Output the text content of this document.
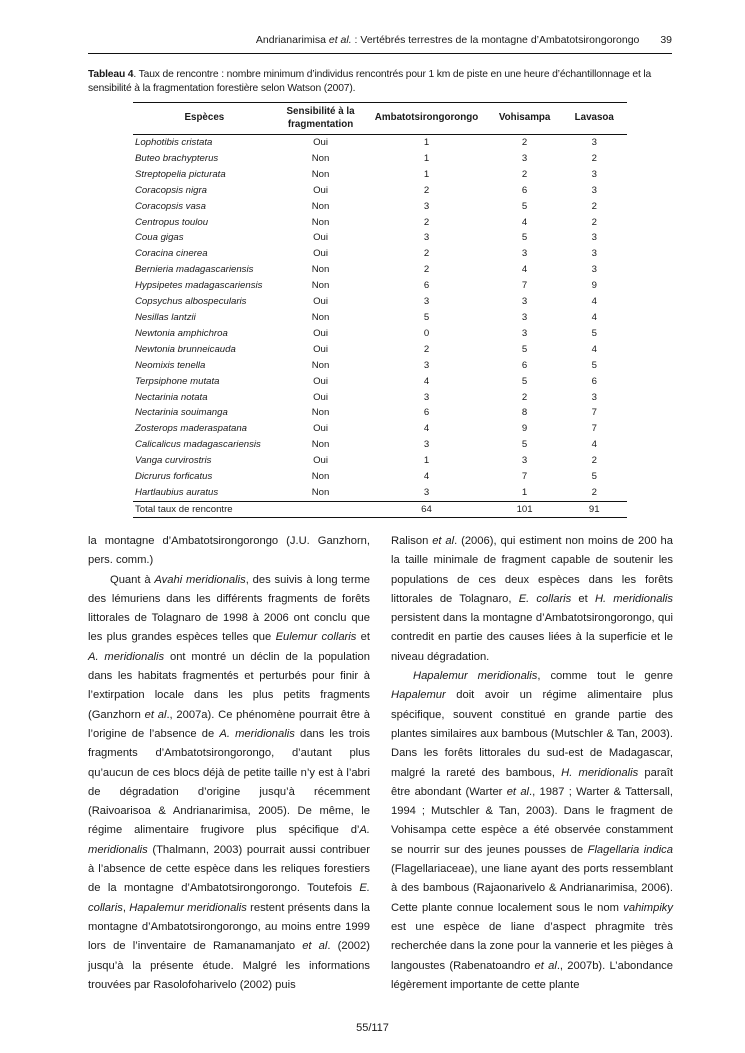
Andrianarimisa et al. : Vertébrés terrestres de la montagne d’Ambatotsirongorongo 39
Tableau 4. Taux de rencontre : nombre minimum d’individus rencontrés pour 1 km de piste en une heure d’échantillonnage et la sensibilité à la fragmentation forestière selon Watson (2007).
Espèces	Sensibilité à la fragmentation	Ambatotsirongorongo	Vohisampa	Lavasoa
Lophotibis cristata	Oui	1	2	3
Buteo brachypterus	Non	1	3	2
Streptopelia picturata	Non	1	2	3
Coracopsis nigra	Oui	2	6	3
Coracopsis vasa	Non	3	5	2
Centropus toulou	Non	2	4	2
Coua gigas	Oui	3	5	3
Coracina cinerea	Oui	2	3	3
Bernieria madagascariensis	Non	2	4	3
Hypsipetes madagascariensis	Non	6	7	9
Copsychus albospecularis	Oui	3	3	4
Nesillas lantzii	Non	5	3	4
Newtonia amphichroa	Oui	0	3	5
Newtonia brunneicauda	Oui	2	5	4
Neomixis tenella	Non	3	6	5
Terpsiphone mutata	Oui	4	5	6
Nectarinia notata	Oui	3	2	3
Nectarinia souimanga	Non	6	8	7
Zosterops maderaspatana	Oui	4	9	7
Calicalicus madagascariensis	Non	3	5	4
Vanga curvirostris	Oui	1	3	2
Dicrurus forficatus	Non	4	7	5
Hartlaubius auratus	Non	3	1	2
Total taux de rencontre		64	101	91

la montagne d’Ambatotsirongorongo (J.U. Ganzhorn, pers. comm.)

Quant à Avahi meridionalis, des suivis à long terme des lémuriens dans les différents fragments de forêts littorales de Tolagnaro de 1998 à 2006 ont conclu que les plus grandes espèces telles que Eulemur collaris et A. meridionalis ont montré un déclin de la population dans les habitats fragmentés et perturbés pour finir à l’extirpation locale dans les plus petits fragments (Ganzhorn et al., 2007a). Ce phénomène pourrait être à l’origine de l’absence de A. meridionalis dans les trois fragments d’Ambatotsirongorongo, d’autant plus qu’aucun de ces blocs déjà de petite taille n’y est à l’abri de dégradation d’origine jusqu’à récemment (Raivoarisoa & Andrianarimisa, 2005). De même, le régime alimentaire frugivore plus spécifique d’A. meridionalis (Thalmann, 2003) pourrait aussi contribuer à l’absence de cette espèce dans les reliques forestiers de la montagne d’Ambatotsirongorongo. Toutefois E. collaris, Hapalemur meridionalis restent présents dans la montagne d’Ambatotsirongorongo, au moins entre 1999 lors de l’inventaire de Ramanamanjato et al. (2002) jusqu’à la présente étude. Malgré les informations trouvées par Rasolofoharivelo (2002) puis

Ralison et al. (2006), qui estiment non moins de 200 ha la taille minimale de fragment capable de soutenir les populations de ces deux espèces dans les forêts littorales de Tolagnaro, E. collaris et H. meridionalis persistent dans la montagne d’Ambatotsirongorongo, qui contredit en partie des causes liées à la superficie et le niveau dégradation.

Hapalemur meridionalis, comme tout le genre Hapalemur doit avoir un régime alimentaire plus spécifique, souvent constitué en grande partie des plantes similaires aux bambous (Mutschler & Tan, 2003). Dans les forêts littorales du sud-est de Madagascar, malgré la rareté des bambous, H. meridionalis paraît être abondant (Warter et al., 1987 ; Warter & Tattersall, 1994 ; Mutschler & Tan, 2003). Dans le fragment de Vohisampa cette espèce a été observée constamment se nourrir sur des jeunes pousses de Flagellaria indica (Flagellariaceae), une liane ayant des ports ressemblant à des bambous (Rajaonarivelo & Andrianarimisa, 2006). Cette plante connue localement sous le nom vahimpiky est une espèce de liane d’aspect phragmite très recherchée dans la zone pour la vannerie et les pièges à langoustes (Rabenatoandro et al., 2007b). L’abondance légèrement importante de cette plante

55/117
